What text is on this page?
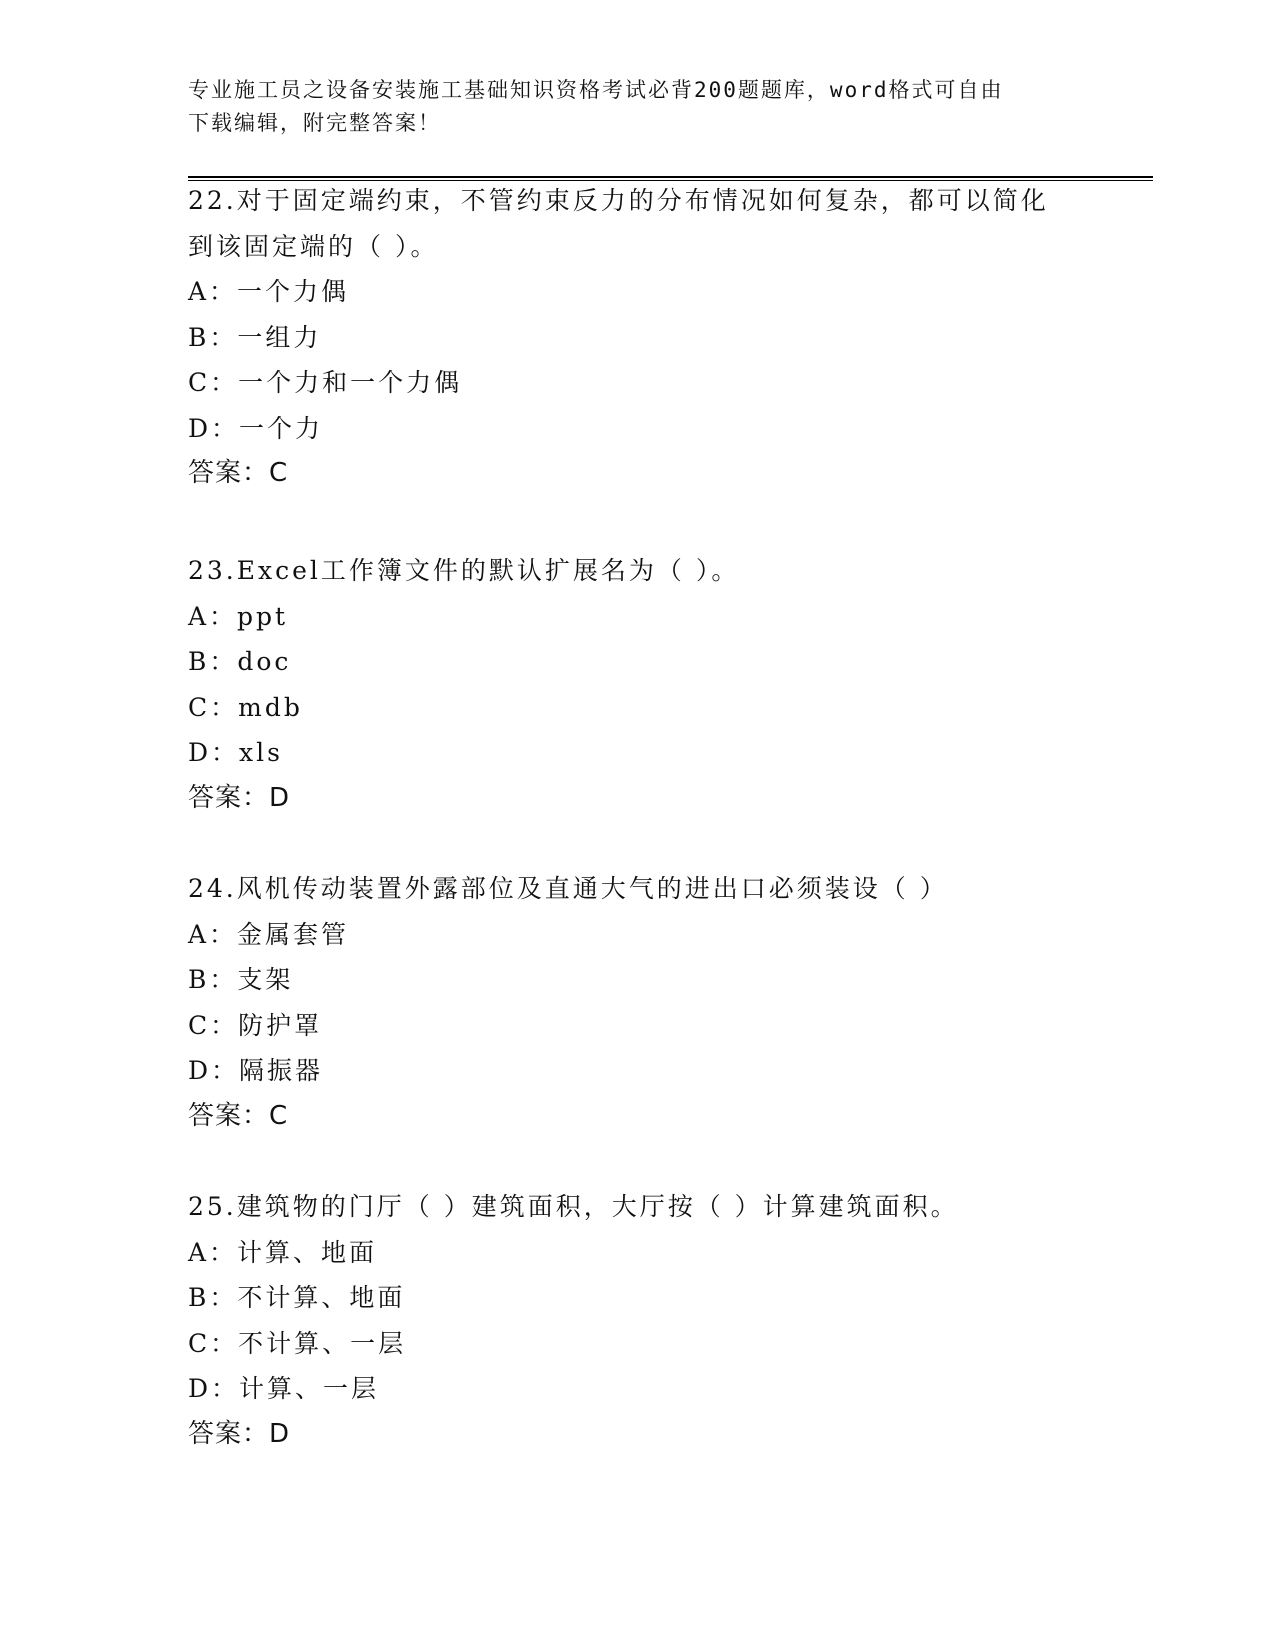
专业施工员之设备安装施工基础知识资格考试必背200题题库，word格式可自由
下载编辑，附完整答案！
22.对于固定端约束，不管约束反力的分布情况如何复杂，都可以简化
到该固定端的（ ）。
A：一个力偶
B：一组力
C：一个力和一个力偶
D：一个力
答案：C
23.Excel工作簿文件的默认扩展名为（ ）。
A：ppt
B：doc
C：mdb
D：xls
答案：D
24.风机传动装置外露部位及直通大气的进出口必须装设（ ）
A：金属套管
B：支架
C：防护罩
D：隔振器
答案：C
25.建筑物的门厅（ ）建筑面积，大厅按（ ）计算建筑面积。
A：计算、地面
B：不计算、地面
C：不计算、一层
D：计算、一层
答案：D
